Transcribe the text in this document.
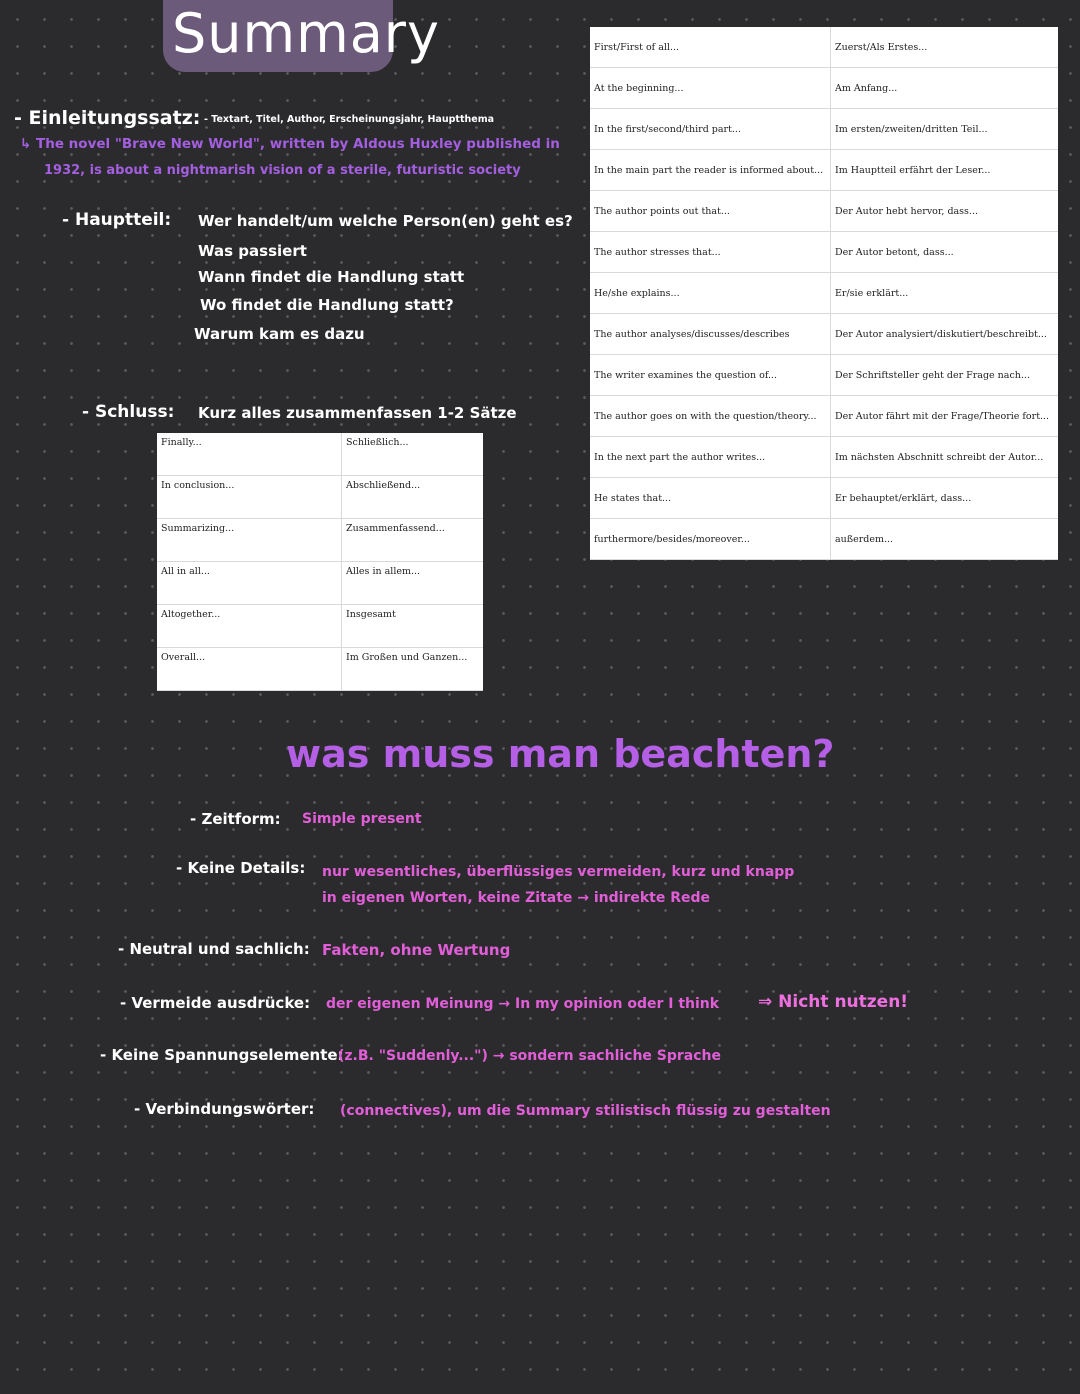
Summary
- Einleitungssatz: - Textart, Titel, Author, Erscheinungsjahr, Hauptthema
↳ The novel "Brave New World", written by Aldous Huxley published in
1932, is about a nightmarish vision of a sterile, futuristic society
- Hauptteil: Wer handelt/um welche Person(en) geht es?
Was passiert
Wann findet die Handlung statt
Wo findet die Handlung statt?
Warum kam es dazu
- Schluss: Kurz alles zusammenfassen 1-2 Sätze
First/First of all...	Zuerst/Als Erstes...
At the beginning...	Am Anfang...
In the first/second/third part...	Im ersten/zweiten/dritten Teil...
In the main part the reader is informed about...	Im Hauptteil erfährt der Leser...
The author points out that...	Der Autor hebt hervor, dass...
The author stresses that...	Der Autor betont, dass...
He/she explains...	Er/sie erklärt...
The author analyses/discusses/describes	Der Autor analysiert/diskutiert/beschreibt...
The writer examines the question of...	Der Schriftsteller geht der Frage nach...
The author goes on with the question/theory...	Der Autor fährt mit der Frage/Theorie fort...
In the next part the author writes...	Im nächsten Abschnitt schreibt der Autor...
He states that...	Er behauptet/erklärt, dass...
furthermore/besides/moreover...	außerdem...
Finally...	Schließlich...
In conclusion...	Abschließend...
Summarizing...	Zusammenfassend...
All in all...	Alles in allem...
Altogether...	Insgesamt
Overall...	Im Großen und Ganzen...
was muss man beachten?
- Zeitform: Simple present
- Keine Details: nur wesentliches, überflüssiges vermeiden, kurz und knapp
in eigenen Worten, keine Zitate → indirekte Rede
- Neutral und sachlich: Fakten, ohne Wertung
- Vermeide ausdrücke: der eigenen Meinung → In my opinion oder I think ⇒ Nicht nutzen!
- Keine Spannungselemente:
(z.B. "Suddenly...") → sondern sachliche Sprache
- Verbindungswörter: (connectives), um die Summary stilistisch flüssig zu gestalten
